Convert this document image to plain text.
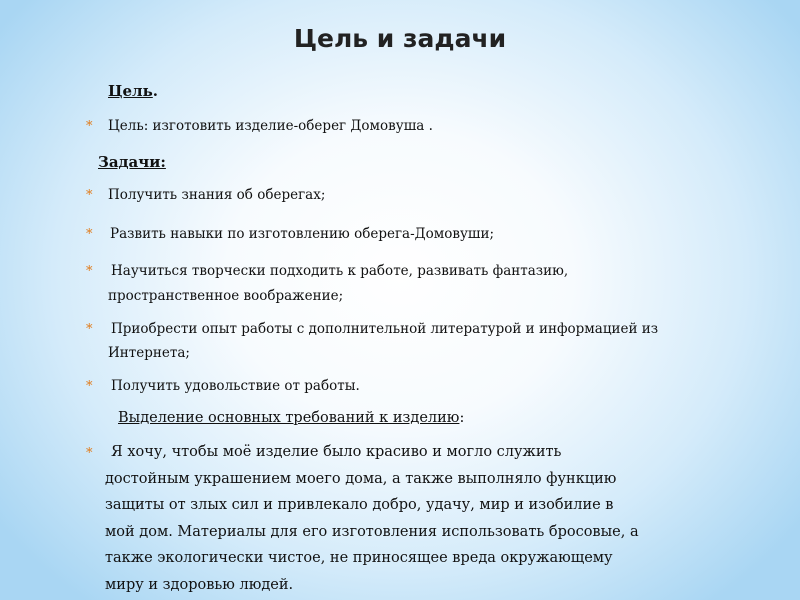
Цель и задачи
Цель.
* Цель: изготовить изделие-оберег Домовуша .
Задачи:
* Получить знания об оберегах;
* Развить навыки по изготовлению оберега-Домовуши;
* Научиться творчески подходить к работе, развивать фантазию,
пространственное воображение;
* Приобрести опыт работы с дополнительной литературой и информацией из
Интернета;
* Получить удовольствие от работы.
Выделение основных требований к изделию:
*	Я хочу, чтобы моё изделие было красиво и могло служить
достойным украшением моего дома, а также выполняло функцию
защиты от злых сил и привлекало добро, удачу, мир и изобилие в
мой дом. Материалы для его изготовления использовать бросовые, а
также экологически чистое, не приносящее вреда окружающему
миру и здоровью людей.
